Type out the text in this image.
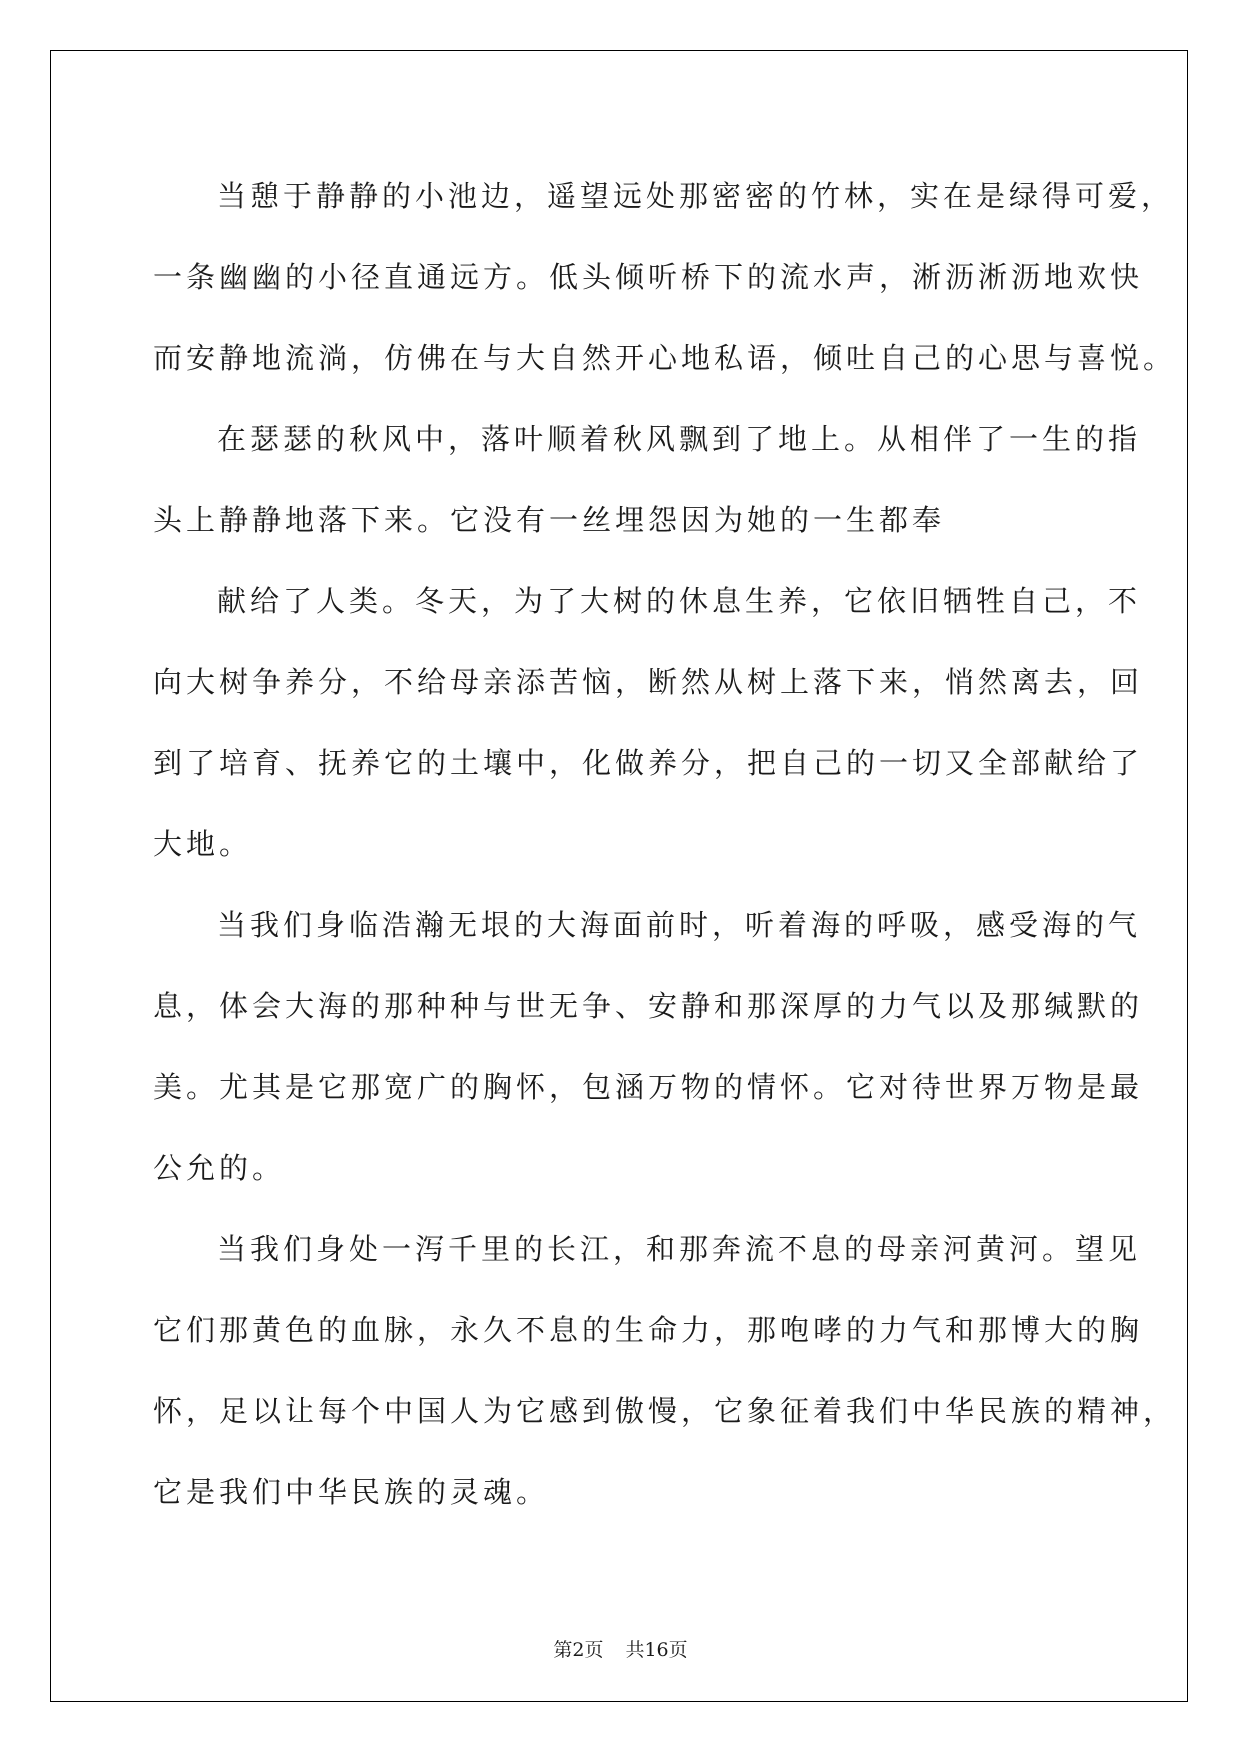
当憩于静静的小池边，遥望远处那密密的竹林，实在是绿得可爱，
一条幽幽的小径直通远方。低头倾听桥下的流水声，淅沥淅沥地欢快
而安静地流淌，仿佛在与大自然开心地私语，倾吐自己的心思与喜悦。
在瑟瑟的秋风中，落叶顺着秋风飘到了地上。从相伴了一生的指
头上静静地落下来。它没有一丝埋怨因为她的一生都奉
献给了人类。冬天，为了大树的休息生养，它依旧牺牲自己，不
向大树争养分，不给母亲添苦恼，断然从树上落下来，悄然离去，回
到了培育、抚养它的土壤中，化做养分，把自己的一切又全部献给了
大地。
当我们身临浩瀚无垠的大海面前时，听着海的呼吸，感受海的气
息，体会大海的那种种与世无争、安静和那深厚的力气以及那缄默的
美。尤其是它那宽广的胸怀，包涵万物的情怀。它对待世界万物是最
公允的。
当我们身处一泻千里的长江，和那奔流不息的母亲河黄河。望见
它们那黄色的血脉，永久不息的生命力，那咆哮的力气和那博大的胸
怀，足以让每个中国人为它感到傲慢，它象征着我们中华民族的精神，
它是我们中华民族的灵魂。
第2页 共16页
